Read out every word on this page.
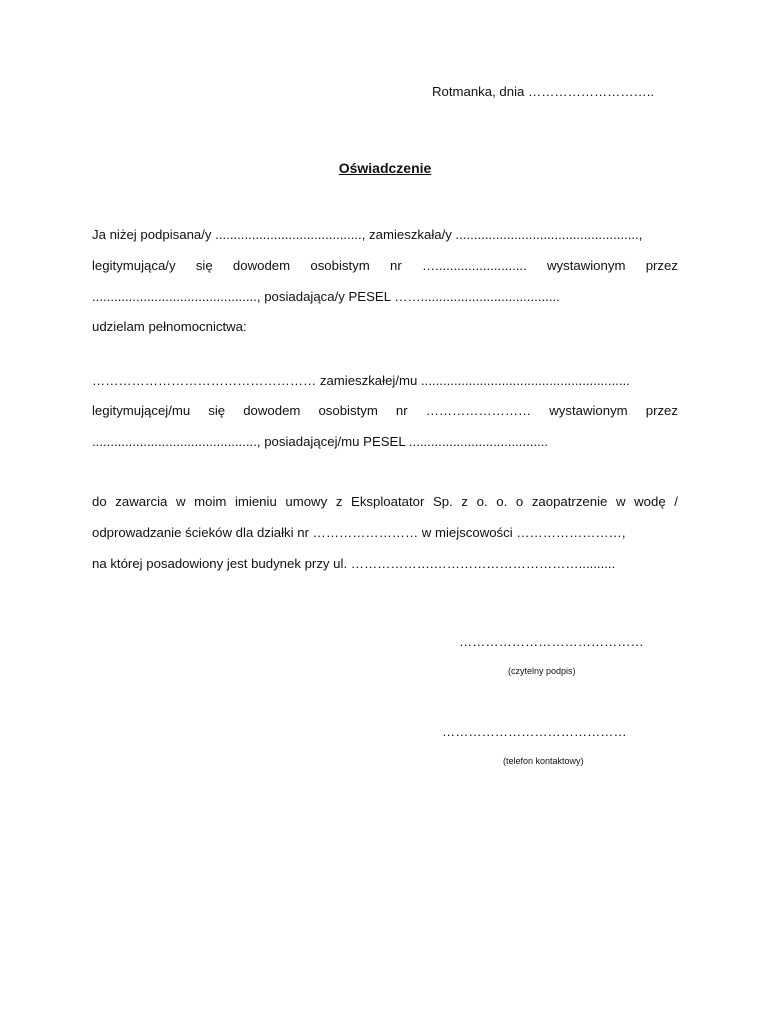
Rotmanka, dnia ………………………..
Oświadczenie
Ja niżej podpisana/y ........................................, zamieszkała/y ..................................................,
legitymująca/y się dowodem osobistym nr …......................... wystawionym przez
............................................., posiadająca/y PESEL ……......................................
udzielam pełnomocnictwa:
…………………………………………… zamieszkałej/mu .........................................................
legitymującej/mu się dowodem osobistym nr …………………… wystawionym przez
............................................., posiadającej/mu PESEL ......................................
do zawarcia w moim imieniu umowy z Eksploatator Sp. z o. o. o zaopatrzenie w wodę /
odprowadzanie ścieków dla działki nr …………………… w miejscowości ……………………,
na której posadowiony jest budynek przy ul. ……………….……………………………..........
……………………………………
(czytelny podpis)
……………………………………
(telefon kontaktowy)
